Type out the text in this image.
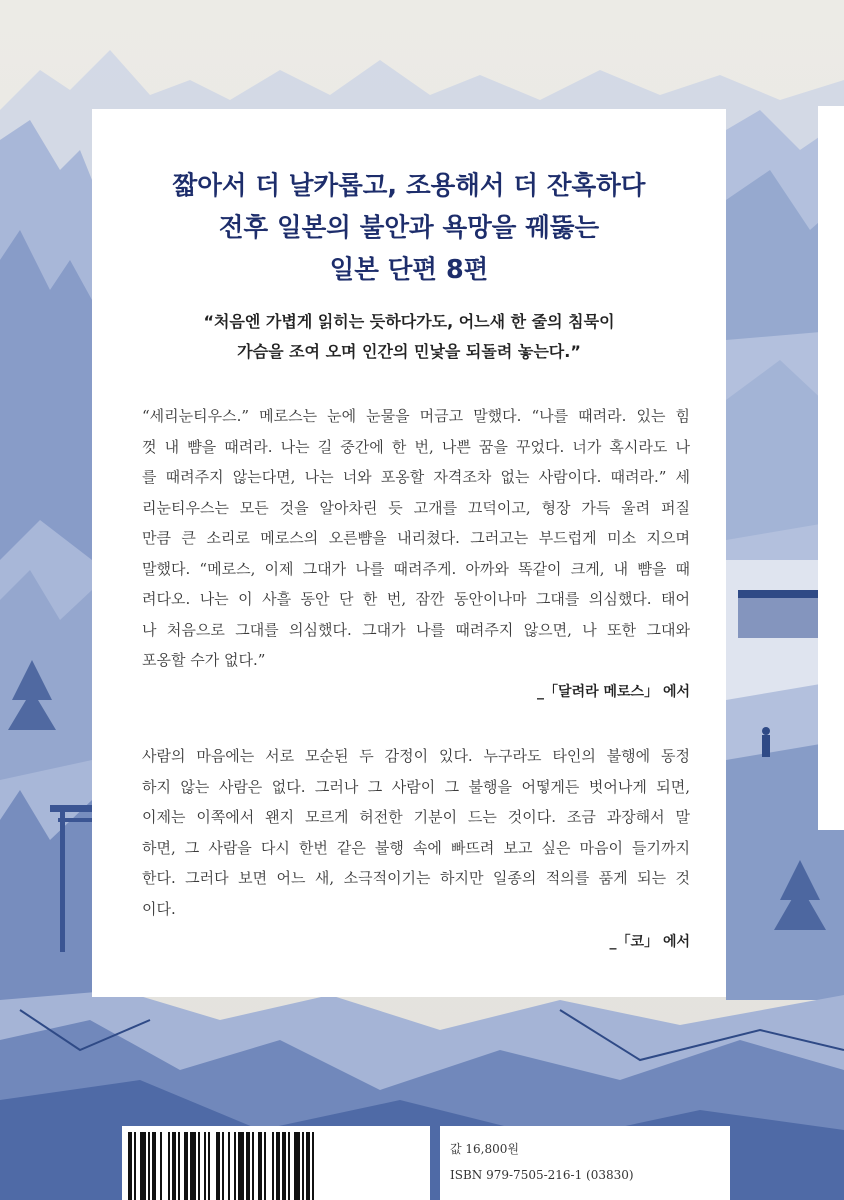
짧아서 더 날카롭고, 조용해서 더 잔혹하다
전후 일본의 불안과 욕망을 꿰뚫는
일본 단편 8편
“처음엔 가볍게 읽히는 듯하다가도, 어느새 한 줄의 침묵이
가슴을 조여 오며 인간의 민낯을 되돌려 놓는다.”
“세리눈티우스.” 메로스는 눈에 눈물을 머금고 말했다. “나를 때려라. 있는 힘
껏 내 뺨을 때려라. 나는 길 중간에 한 번, 나쁜 꿈을 꾸었다. 너가 혹시라도 나
를 때려주지 않는다면, 나는 너와 포옹할 자격조차 없는 사람이다. 때려라.” 세
리눈티우스는 모든 것을 알아차린 듯 고개를 끄덕이고, 형장 가득 울려 퍼질
만큼 큰 소리로 메로스의 오른뺨을 내리쳤다. 그러고는 부드럽게 미소 지으며
말했다. “메로스, 이제 그대가 나를 때려주게. 아까와 똑같이 크게, 내 뺨을 때
려다오. 나는 이 사흘 동안 단 한 번, 잠깐 동안이나마 그대를 의심했다. 태어
나 처음으로 그대를 의심했다. 그대가 나를 때려주지 않으면, 나 또한 그대와
포옹할 수가 없다.”
_「달려라 메로스」 에서
사람의 마음에는 서로 모순된 두 감정이 있다. 누구라도 타인의 불행에 동정
하지 않는 사람은 없다. 그러나 그 사람이 그 불행을 어떻게든 벗어나게 되면,
이제는 이쪽에서 왠지 모르게 허전한 기분이 드는 것이다. 조금 과장해서 말
하면, 그 사람을 다시 한번 같은 불행 속에 빠뜨려 보고 싶은 마음이 들기까지
한다. 그러다 보면 어느 새, 소극적이기는 하지만 일종의 적의를 품게 되는 것
이다.
_「코」 에서
값 16,800원
ISBN 979-7505-216-1 (03830)
